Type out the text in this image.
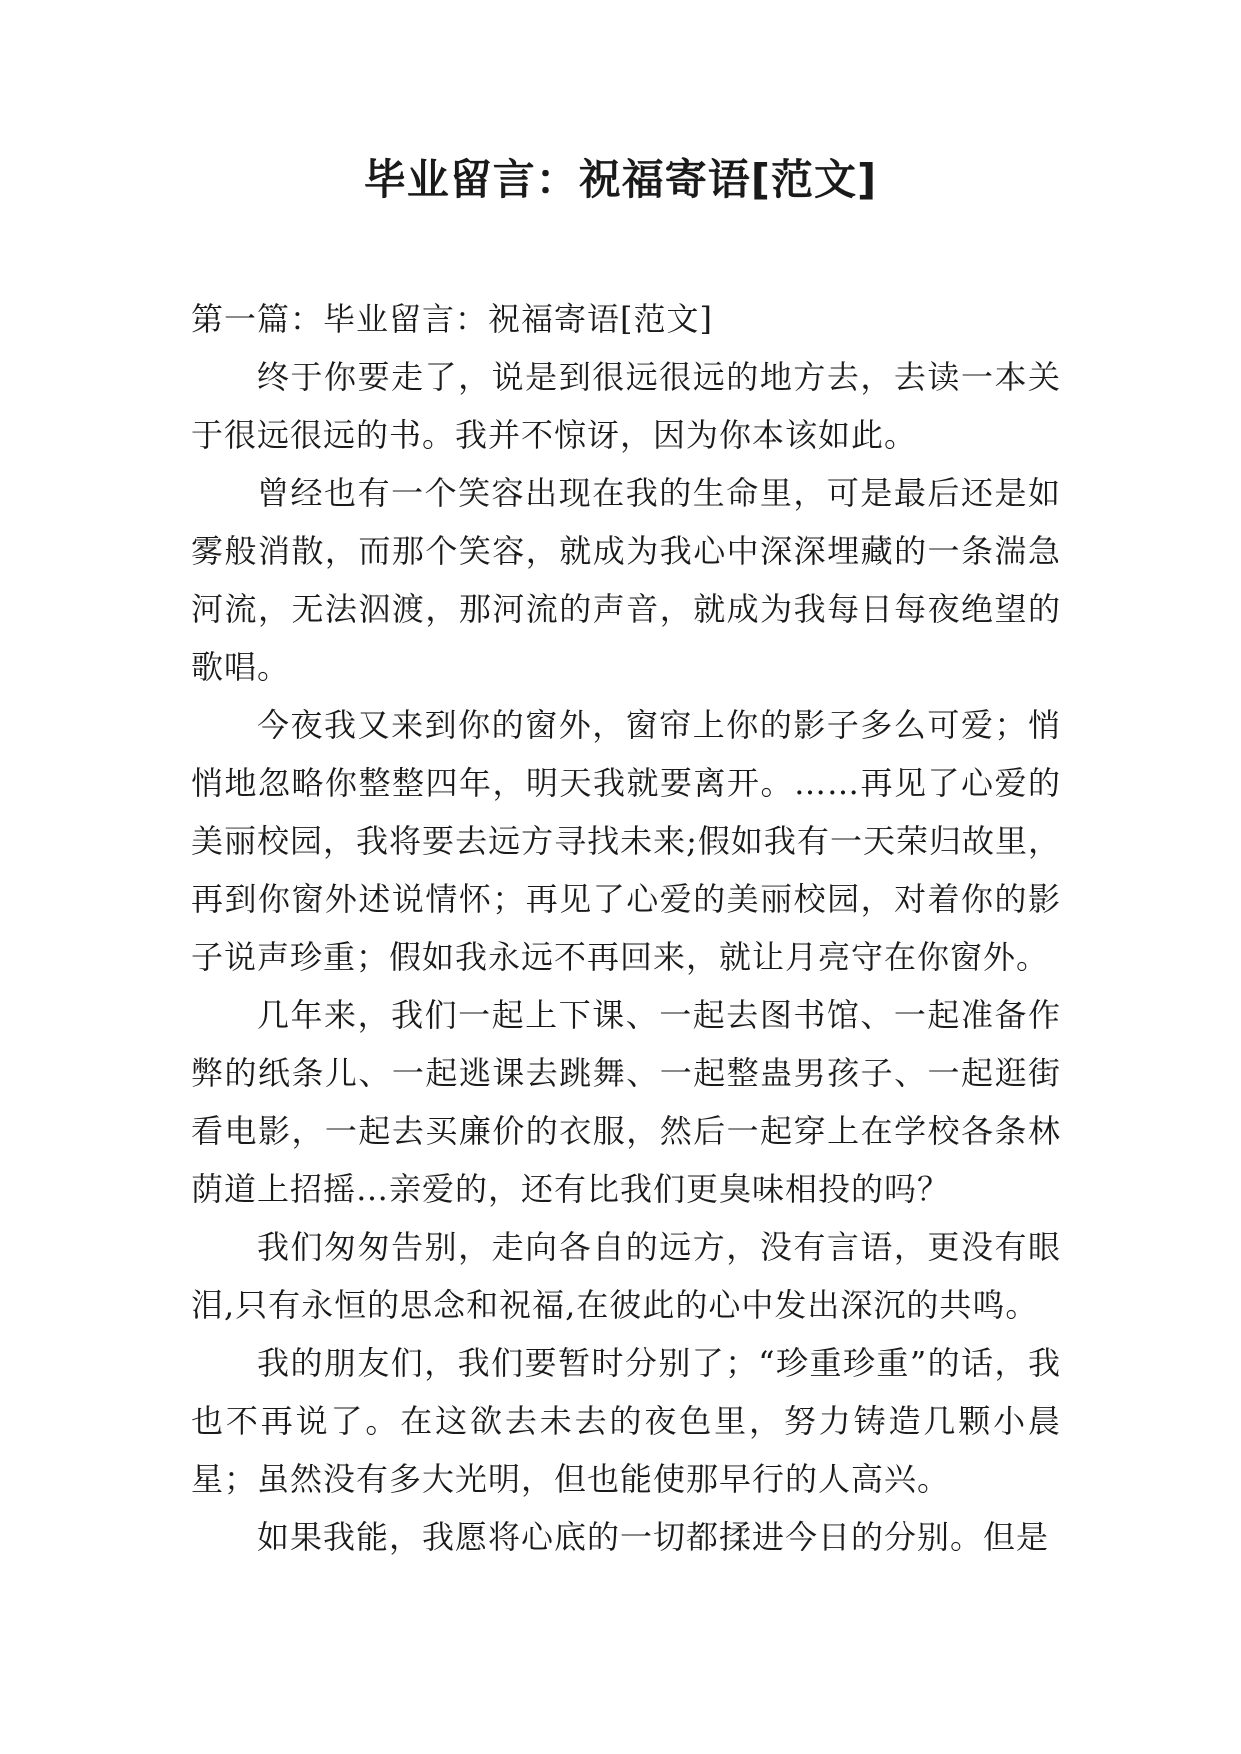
毕业留言：祝福寄语[范文]

第一篇：毕业留言：祝福寄语[范文]

终于你要走了，说是到很远很远的地方去，去读一本关于很远很远的书。我并不惊讶，因为你本该如此。

曾经也有一个笑容出现在我的生命里，可是最后还是如雾般消散，而那个笑容，就成为我心中深深埋藏的一条湍急河流，无法泅渡，那河流的声音，就成为我每日每夜绝望的歌唱。

今夜我又来到你的窗外，窗帘上你的影子多么可爱；悄悄地忽略你整整四年，明天我就要离开。……再见了心爱的美丽校园，我将要去远方寻找未来;假如我有一天荣归故里，再到你窗外述说情怀；再见了心爱的美丽校园，对着你的影子说声珍重；假如我永远不再回来，就让月亮守在你窗外。

几年来，我们一起上下课、一起去图书馆、一起准备作弊的纸条儿、一起逃课去跳舞、一起整蛊男孩子、一起逛街看电影，一起去买廉价的衣服，然后一起穿上在学校各条林荫道上招摇…亲爱的，还有比我们更臭味相投的吗？

我们匆匆告别，走向各自的远方，没有言语，更没有眼泪,只有永恒的思念和祝福,在彼此的心中发出深沉的共鸣。

我的朋友们，我们要暂时分别了；“珍重珍重”的话，我也不再说了。在这欲去未去的夜色里，努力铸造几颗小晨星；虽然没有多大光明，但也能使那早行的人高兴。

如果我能，我愿将心底的一切都揉进今日的分别。但是
